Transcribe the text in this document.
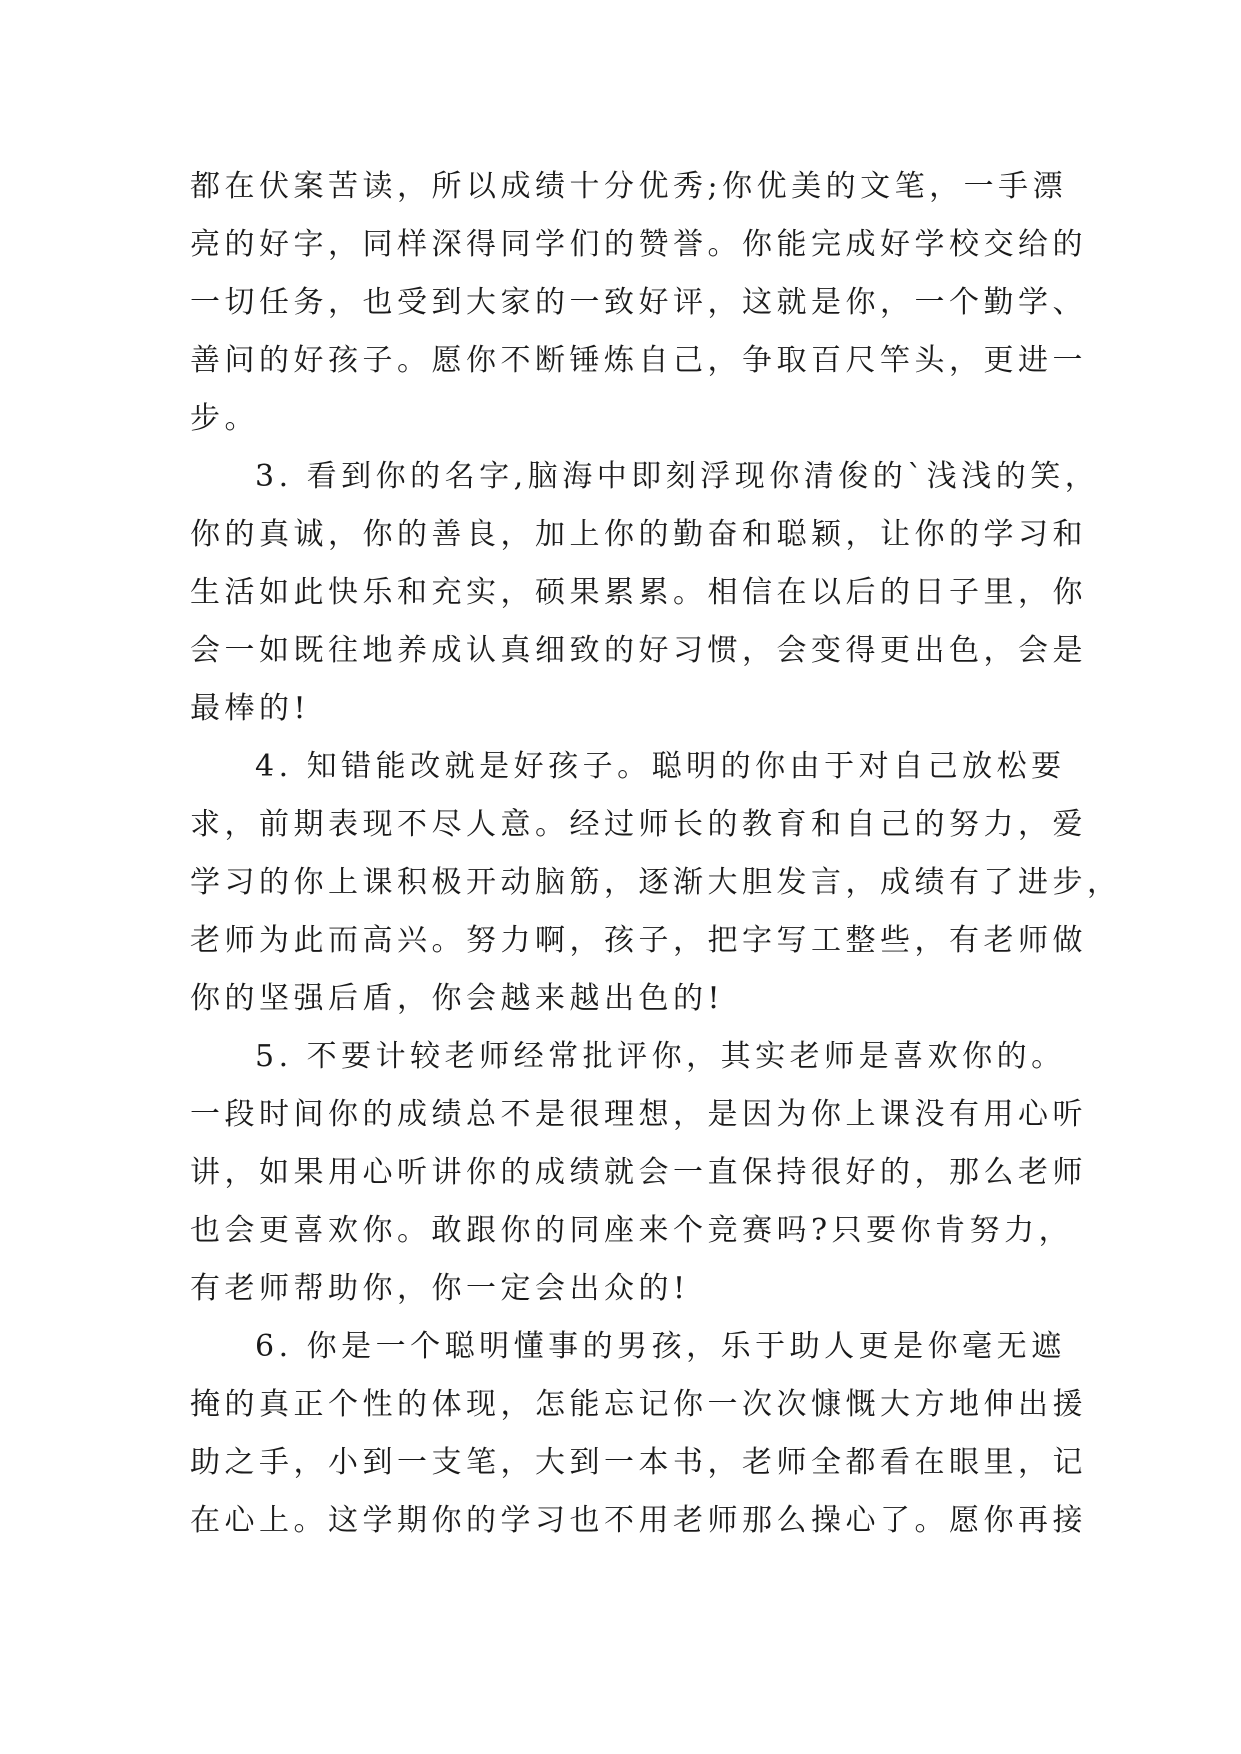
都在伏案苦读，所以成绩十分优秀;你优美的文笔，一手漂
亮的好字，同样深得同学们的赞誉。你能完成好学校交给的
一切任务，也受到大家的一致好评，这就是你，一个勤学、
善问的好孩子。愿你不断锤炼自己，争取百尺竿头，更进一
步。
3. 看到你的名字,脑海中即刻浮现你清俊的`浅浅的笑，
你的真诚，你的善良，加上你的勤奋和聪颖，让你的学习和
生活如此快乐和充实，硕果累累。相信在以后的日子里，你
会一如既往地养成认真细致的好习惯，会变得更出色，会是
最棒的!
4. 知错能改就是好孩子。聪明的你由于对自己放松要
求，前期表现不尽人意。经过师长的教育和自己的努力，爱
学习的你上课积极开动脑筋，逐渐大胆发言，成绩有了进步，
老师为此而高兴。努力啊，孩子，把字写工整些，有老师做
你的坚强后盾，你会越来越出色的!
5. 不要计较老师经常批评你，其实老师是喜欢你的。
一段时间你的成绩总不是很理想，是因为你上课没有用心听
讲，如果用心听讲你的成绩就会一直保持很好的，那么老师
也会更喜欢你。敢跟你的同座来个竞赛吗?只要你肯努力，
有老师帮助你，你一定会出众的!
6. 你是一个聪明懂事的男孩，乐于助人更是你毫无遮
掩的真正个性的体现，怎能忘记你一次次慷慨大方地伸出援
助之手，小到一支笔，大到一本书，老师全都看在眼里，记
在心上。这学期你的学习也不用老师那么操心了。愿你再接
